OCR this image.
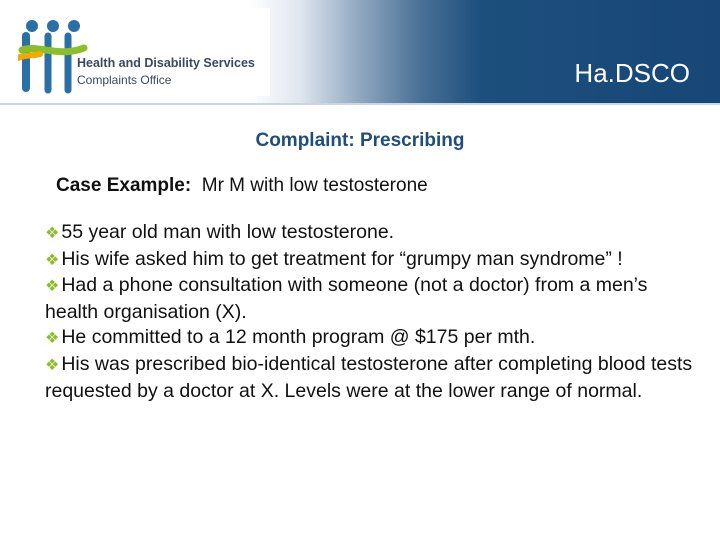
Health and Disability Services
Complaints Office	Ha.DSCO
Complaint: Prescribing
Case Example: Mr M with low testosterone
❖ 55 year old man with low testosterone.
❖ His wife asked him to get treatment for “grumpy man syndrome” !
❖ Had a phone consultation with someone (not a doctor) from a men’s health organisation (X).
❖ He committed to a 12 month program @ $175 per mth.
❖ His was prescribed bio-identical testosterone after completing blood tests requested by a doctor at X. Levels were at the lower range of normal.
